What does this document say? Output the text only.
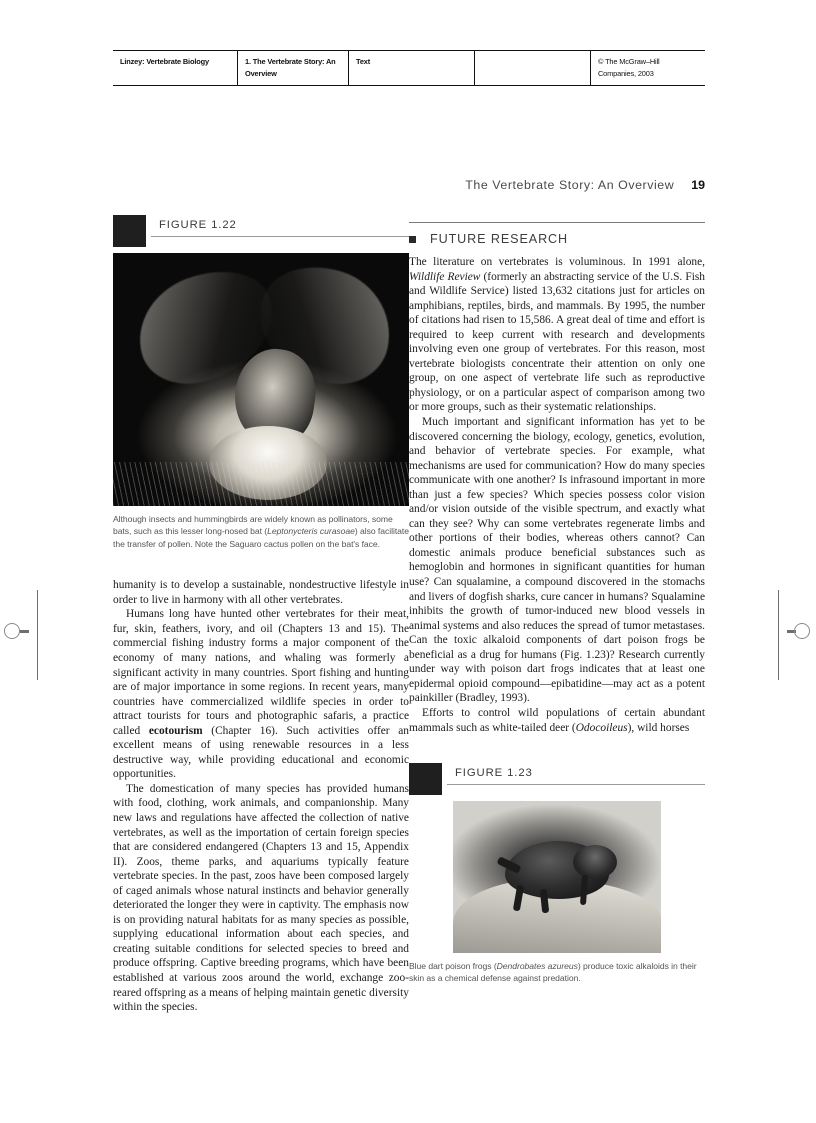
Linzey: Vertebrate Biology	1. The Vertebrate Story: An Overview
Text	© The McGraw–Hill Companies, 2003
The Vertebrate Story: An Overview 19
FIGURE 1.22

Although insects and hummingbirds are widely known as pollinators, some bats, such as this lesser long-nosed bat (Leptonycteris curasoae) also facilitate the transfer of pollen. Note the Saguaro cactus pollen on the bat's face.

humanity is to develop a sustainable, nondestructive lifestyle in order to live in harmony with all other vertebrates.

Humans long have hunted other vertebrates for their meat, fur, skin, feathers, ivory, and oil (Chapters 13 and 15). The commercial fishing industry forms a major component of the economy of many nations, and whaling was formerly a significant activity in many countries. Sport fishing and hunting are of major importance in some regions. In recent years, many countries have commercialized wildlife species in order to attract tourists for tours and photographic safaris, a practice called ecotourism (Chapter 16). Such activities offer an excellent means of using renewable resources in a less destructive way, while providing educational and economic opportunities.

The domestication of many species has provided humans with food, clothing, work animals, and companionship. Many new laws and regulations have affected the collection of native vertebrates, as well as the importation of certain foreign species that are considered endangered (Chapters 13 and 15, Appendix II). Zoos, theme parks, and aquariums typically feature vertebrate species. In the past, zoos have been composed largely of caged animals whose natural instincts and behavior generally deteriorated the longer they were in captivity. The emphasis now is on providing natural habitats for as many species as possible, supplying educational information about each species, and creating suitable conditions for selected species to breed and produce offspring. Captive breeding programs, which have been established at various zoos around the world, exchange zoo-reared offspring as a means of helping maintain genetic diversity within the species.

FUTURE RESEARCH

The literature on vertebrates is voluminous. In 1991 alone, Wildlife Review (formerly an abstracting service of the U.S. Fish and Wildlife Service) listed 13,632 citations just for articles on amphibians, reptiles, birds, and mammals. By 1995, the number of citations had risen to 15,586. A great deal of time and effort is required to keep current with research and developments involving even one group of vertebrates. For this reason, most vertebrate biologists concentrate their attention on only one group, on one aspect of vertebrate life such as reproductive physiology, or on a particular aspect of comparison among two or more groups, such as their systematic relationships.

Much important and significant information has yet to be discovered concerning the biology, ecology, genetics, evolution, and behavior of vertebrate species. For example, what mechanisms are used for communication? How do many species communicate with one another? Is infrasound important in more than just a few species? Which species possess color vision and/or vision outside of the visible spectrum, and exactly what can they see? Why can some vertebrates regenerate limbs and other portions of their bodies, whereas others cannot? Can domestic animals produce beneficial substances such as hemoglobin and hormones in significant quantities for human use? Can squalamine, a compound discovered in the stomachs and livers of dogfish sharks, cure cancer in humans? Squalamine inhibits the growth of tumor-induced new blood vessels in animal systems and also reduces the spread of tumor metastases. Can the toxic alkaloid components of dart poison frogs be beneficial as a drug for humans (Fig. 1.23)? Research currently under way with poison dart frogs indicates that at least one epidermal opioid compound—epibatidine—may act as a potent painkiller (Bradley, 1993).

Efforts to control wild populations of certain abundant mammals such as white-tailed deer (Odocoileus), wild horses

FIGURE 1.23

Blue dart poison frogs (Dendrobates azureus) produce toxic alkaloids in their skin as a chemical defense against predation.
